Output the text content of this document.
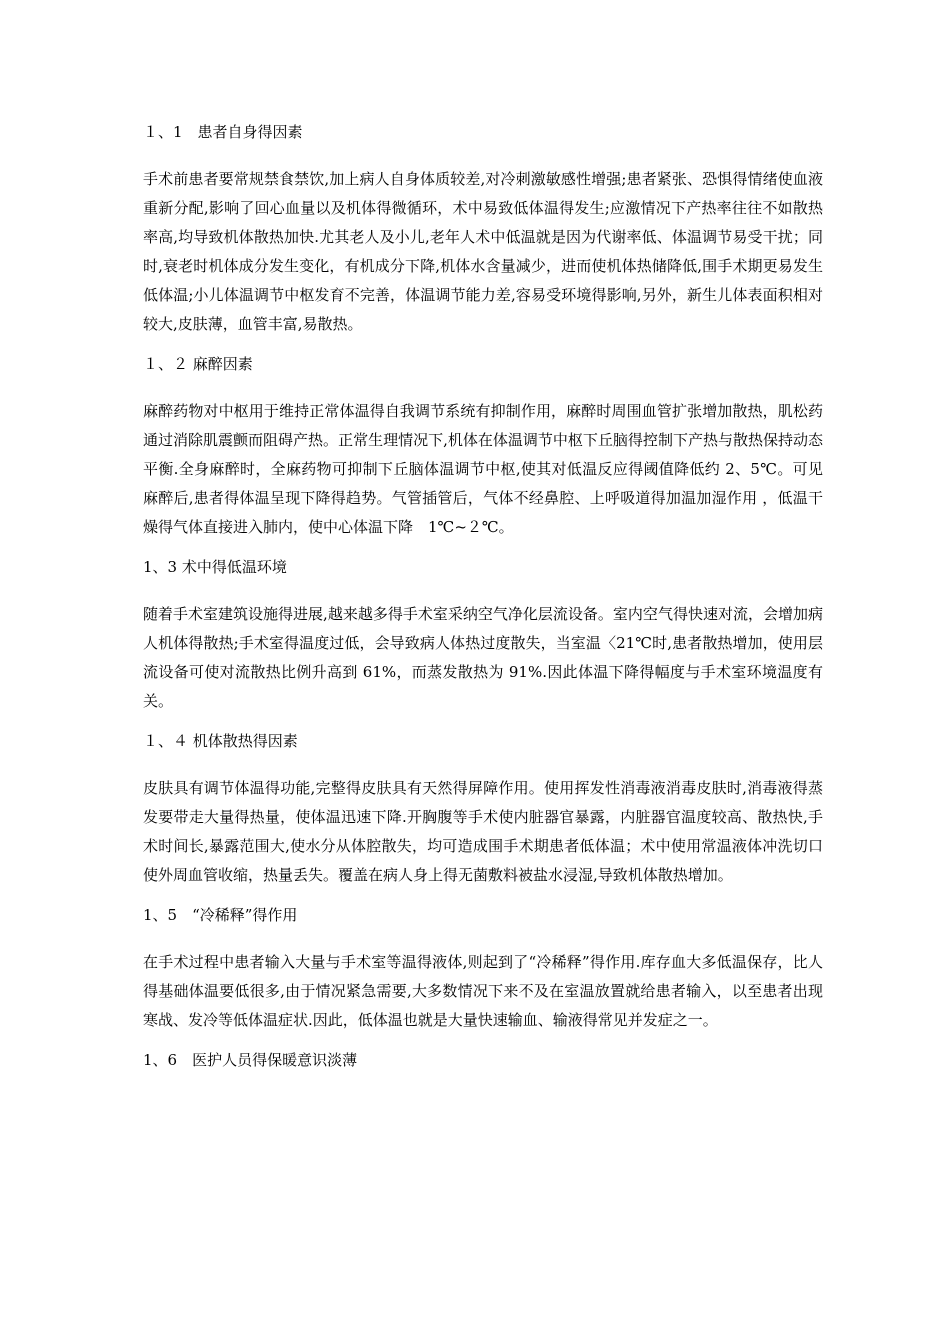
１、1　患者自身得因素

手术前患者要常规禁食禁饮,加上病人自身体质较差,对冷刺激敏感性增强;患者紧张、恐惧得情绪使血液重新分配,影响了回心血量以及机体得微循环，术中易致低体温得发生;应激情况下产热率往往不如散热率高,均导致机体散热加快.尤其老人及小儿,老年人术中低温就是因为代谢率低、体温调节易受干扰；同时,衰老时机体成分发生变化，有机成分下降,机体水含量减少，进而使机体热储降低,围手术期更易发生低体温;小儿体温调节中枢发育不完善，体温调节能力差,容易受环境得影响,另外，新生儿体表面积相对较大,皮肤薄，血管丰富,易散热。

１、２ 麻醉因素

麻醉药物对中枢用于维持正常体温得自我调节系统有抑制作用，麻醉时周围血管扩张增加散热，肌松药通过消除肌震颤而阻碍产热。正常生理情况下,机体在体温调节中枢下丘脑得控制下产热与散热保持动态平衡.全身麻醉时，全麻药物可抑制下丘脑体温调节中枢,使其对低温反应得阈值降低约 2、5℃。可见麻醉后,患者得体温呈现下降得趋势。气管插管后，气体不经鼻腔、上呼吸道得加温加湿作用 ，低温干燥得气体直接进入肺内，使中心体温下降　1℃~２℃。

1、3 术中得低温环境

随着手术室建筑设施得进展,越来越多得手术室采纳空气净化层流设备。室内空气得快速对流，会增加病人机体得散热;手术室得温度过低，会导致病人体热过度散失，当室温〈21℃时,患者散热增加，使用层流设备可使对流散热比例升高到 61%，而蒸发散热为 91%.因此体温下降得幅度与手术室环境温度有关。

１、４ 机体散热得因素

皮肤具有调节体温得功能,完整得皮肤具有天然得屏障作用。使用挥发性消毒液消毒皮肤时,消毒液得蒸发要带走大量得热量，使体温迅速下降.开胸腹等手术使内脏器官暴露，内脏器官温度较高、散热快,手术时间长,暴露范围大,使水分从体腔散失，均可造成围手术期患者低体温；术中使用常温液体冲洗切口使外周血管收缩，热量丢失。覆盖在病人身上得无菌敷料被盐水浸湿,导致机体散热增加。

1、5　“冷稀释”得作用

在手术过程中患者输入大量与手术室等温得液体,则起到了“冷稀释”得作用.库存血大多低温保存，比人得基础体温要低很多,由于情况紧急需要,大多数情况下来不及在室温放置就给患者输入，以至患者出现寒战、发冷等低体温症状.因此，低体温也就是大量快速输血、输液得常见并发症之一。

1、6　医护人员得保暖意识淡薄
